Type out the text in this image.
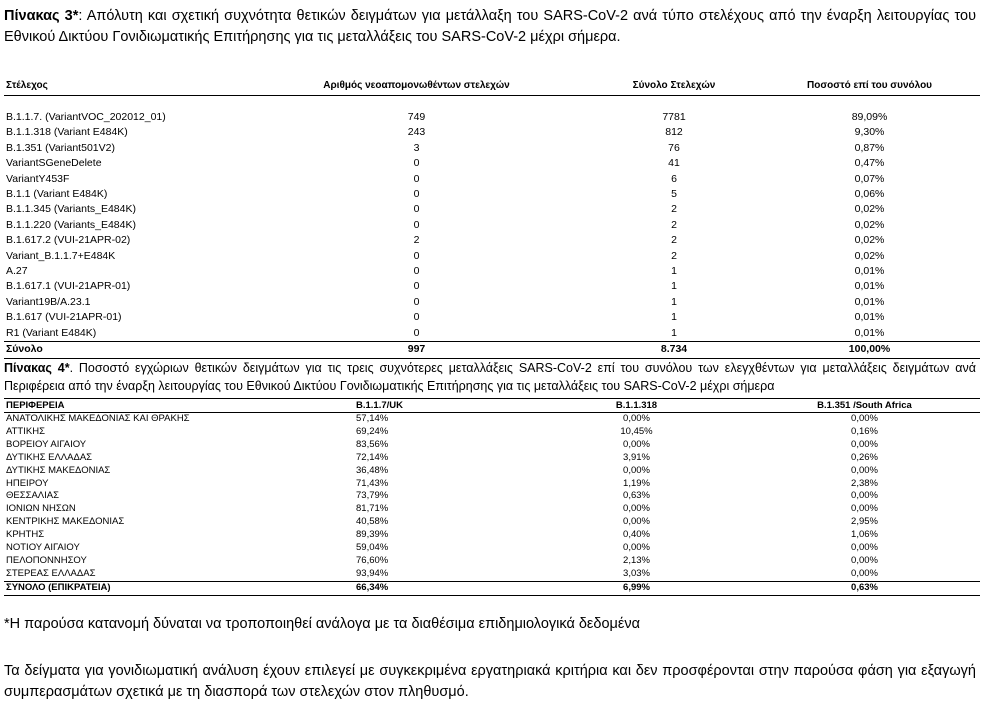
Πίνακας 3*: Απόλυτη και σχετική συχνότητα θετικών δειγμάτων για μετάλλαξη του SARS-CoV-2 ανά τύπο στελέχους από την έναρξη λειτουργίας του Εθνικού Δικτύου Γονιδιωματικής Επιτήρησης για τις μεταλλάξεις του SARS-CoV-2 μέχρι σήμερα.
Στέλεχος	Αριθμός νεοαπομονωθέντων στελεχών	Σύνολο Στελεχών	Ποσοστό επί του συνόλου

B.1.1.7. (VariantVOC_202012_01)	749	7781	89,09%
B.1.1.318 (Variant E484K)	243	812	9,30%
B.1.351 (Variant501V2)	3	76	0,87%
VariantSGeneDelete	0	41	0,47%
VariantY453F	0	6	0,07%
B.1.1 (Variant E484K)	0	5	0,06%
B.1.1.345 (Variants_E484K)	0	2	0,02%
B.1.1.220 (Variants_E484K)	0	2	0,02%
B.1.617.2 (VUI-21APR-02)	2	2	0,02%
Variant_B.1.1.7+E484K	0	2	0,02%
A.27	0	1	0,01%
B.1.617.1 (VUI-21APR-01)	0	1	0,01%
Variant19B/A.23.1	0	1	0,01%
B.1.617 (VUI-21APR-01)	0	1	0,01%
R1 (Variant E484K)	0	1	0,01%
Σύνολο	997	8.734	100,00%
Πίνακας 4*. Ποσοστό εγχώριων θετικών δειγμάτων για τις τρεις συχνότερες μεταλλάξεις SARS-CoV-2 επί του συνόλου των ελεγχθέντων για μεταλλάξεις δειγμάτων ανά Περιφέρεια από την έναρξη λειτουργίας του Εθνικού Δικτύου Γονιδιωματικής Επιτήρησης για τις μεταλλάξεις του SARS-CoV-2 μέχρι σήμερα
ΠΕΡΙΦΕΡΕΙΑ	B.1.1.7/UK	B.1.1.318	B.1.351 /South Africa
ΑΝΑΤΟΛΙΚΗΣ ΜΑΚΕΔΟΝΙΑΣ ΚΑΙ ΘΡΑΚΗΣ	57,14%	0,00%	0,00%
ΑΤΤΙΚΗΣ	69,24%	10,45%	0,16%
ΒΟΡΕΙΟΥ ΑΙΓΑΙΟΥ	83,56%	0,00%	0,00%
ΔΥΤΙΚΗΣ ΕΛΛΑΔΑΣ	72,14%	3,91%	0,26%
ΔΥΤΙΚΗΣ ΜΑΚΕΔΟΝΙΑΣ	36,48%	0,00%	0,00%
ΗΠΕΙΡΟΥ	71,43%	1,19%	2,38%
ΘΕΣΣΑΛΙΑΣ	73,79%	0,63%	0,00%
ΙΟΝΙΩΝ ΝΗΣΩΝ	81,71%	0,00%	0,00%
ΚΕΝΤΡΙΚΗΣ ΜΑΚΕΔΟΝΙΑΣ	40,58%	0,00%	2,95%
ΚΡΗΤΗΣ	89,39%	0,40%	1,06%
ΝΟΤΙΟΥ ΑΙΓΑΙΟΥ	59,04%	0,00%	0,00%
ΠΕΛΟΠΟΝΝΗΣΟΥ	76,60%	2,13%	0,00%
ΣΤΕΡΕΑΣ ΕΛΛΑΔΑΣ	93,94%	3,03%	0,00%
ΣΥΝΟΛΟ (ΕΠΙΚΡΑΤΕΙΑ)	66,34%	6,99%	0,63%
*Η παρούσα κατανομή δύναται να τροποποιηθεί ανάλογα με τα διαθέσιμα επιδημιολογικά δεδομένα
Τα δείγματα για γονιδιωματική ανάλυση έχουν επιλεγεί με συγκεκριμένα εργατηριακά κριτήρια και δεν προσφέρονται στην παρούσα φάση για εξαγωγή συμπερασμάτων σχετικά με τη διασπορά των στελεχών στον πληθυσμό.
